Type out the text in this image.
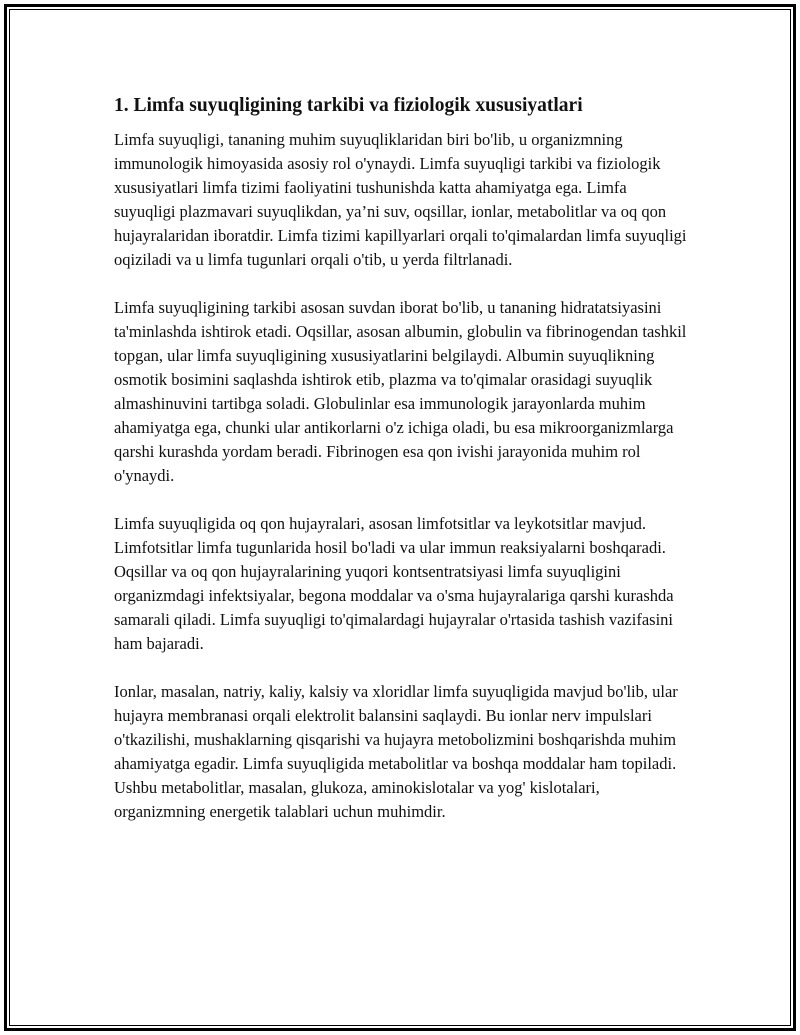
1. Limfa suyuqligining tarkibi va fiziologik xususiyatlari

Limfa suyuqligi, tananing muhim suyuqliklaridan biri bo'lib, u organizmning immunologik himoyasida asosiy rol o'ynaydi. Limfa suyuqligi tarkibi va fiziologik xususiyatlari limfa tizimi faoliyatini tushunishda katta ahamiyatga ega. Limfa suyuqligi plazmavari suyuqlikdan, ya’ni suv, oqsillar, ionlar, metabolitlar va oq qon hujayralaridan iboratdir. Limfa tizimi kapillyarlari orqali to'qimalardan limfa suyuqligi oqiziladi va u limfa tugunlari orqali o'tib, u yerda filtrlanadi.

Limfa suyuqligining tarkibi asosan suvdan iborat bo'lib, u tananing hidratatsiyasini ta'minlashda ishtirok etadi. Oqsillar, asosan albumin, globulin va fibrinogendan tashkil topgan, ular limfa suyuqligining xususiyatlarini belgilaydi. Albumin suyuqlikning osmotik bosimini saqlashda ishtirok etib, plazma va to'qimalar orasidagi suyuqlik almashinuvini tartibga soladi. Globulinlar esa immunologik jarayonlarda muhim ahamiyatga ega, chunki ular antikorlarni o'z ichiga oladi, bu esa mikroorganizmlarga qarshi kurashda yordam beradi. Fibrinogen esa qon ivishi jarayonida muhim rol o'ynaydi.

Limfa suyuqligida oq qon hujayralari, asosan limfotsitlar va leykotsitlar mavjud. Limfotsitlar limfa tugunlarida hosil bo'ladi va ular immun reaksiyalarni boshqaradi. Oqsillar va oq qon hujayralarining yuqori kontsentratsiyasi limfa suyuqligini organizmdagi infektsiyalar, begona moddalar va o'sma hujayralariga qarshi kurashda samarali qiladi. Limfa suyuqligi to'qimalardagi hujayralar o'rtasida tashish vazifasini ham bajaradi.

Ionlar, masalan, natriy, kaliy, kalsiy va xloridlar limfa suyuqligida mavjud bo'lib, ular hujayra membranasi orqali elektrolit balansini saqlaydi. Bu ionlar nerv impulslari o'tkazilishi, mushaklarning qisqarishi va hujayra metobolizmini boshqarishda muhim ahamiyatga egadir. Limfa suyuqligida metabolitlar va boshqa moddalar ham topiladi. Ushbu metabolitlar, masalan, glukoza, aminokislotalar va yog' kislotalari, organizmning energetik talablari uchun muhimdir.
